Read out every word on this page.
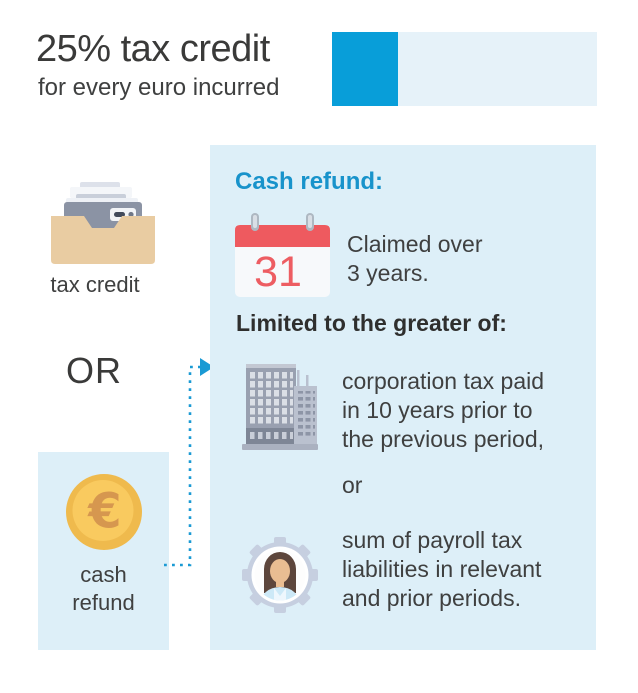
25% tax credit
for every euro incurred
tax credit
OR
€
cash
refund
Cash refund:
31
Claimed over
3 years.
Limited to the greater of:
corporation tax paid
in 10 years prior to
the previous period,
or
sum of payroll tax
liabilities in relevant
and prior periods.
